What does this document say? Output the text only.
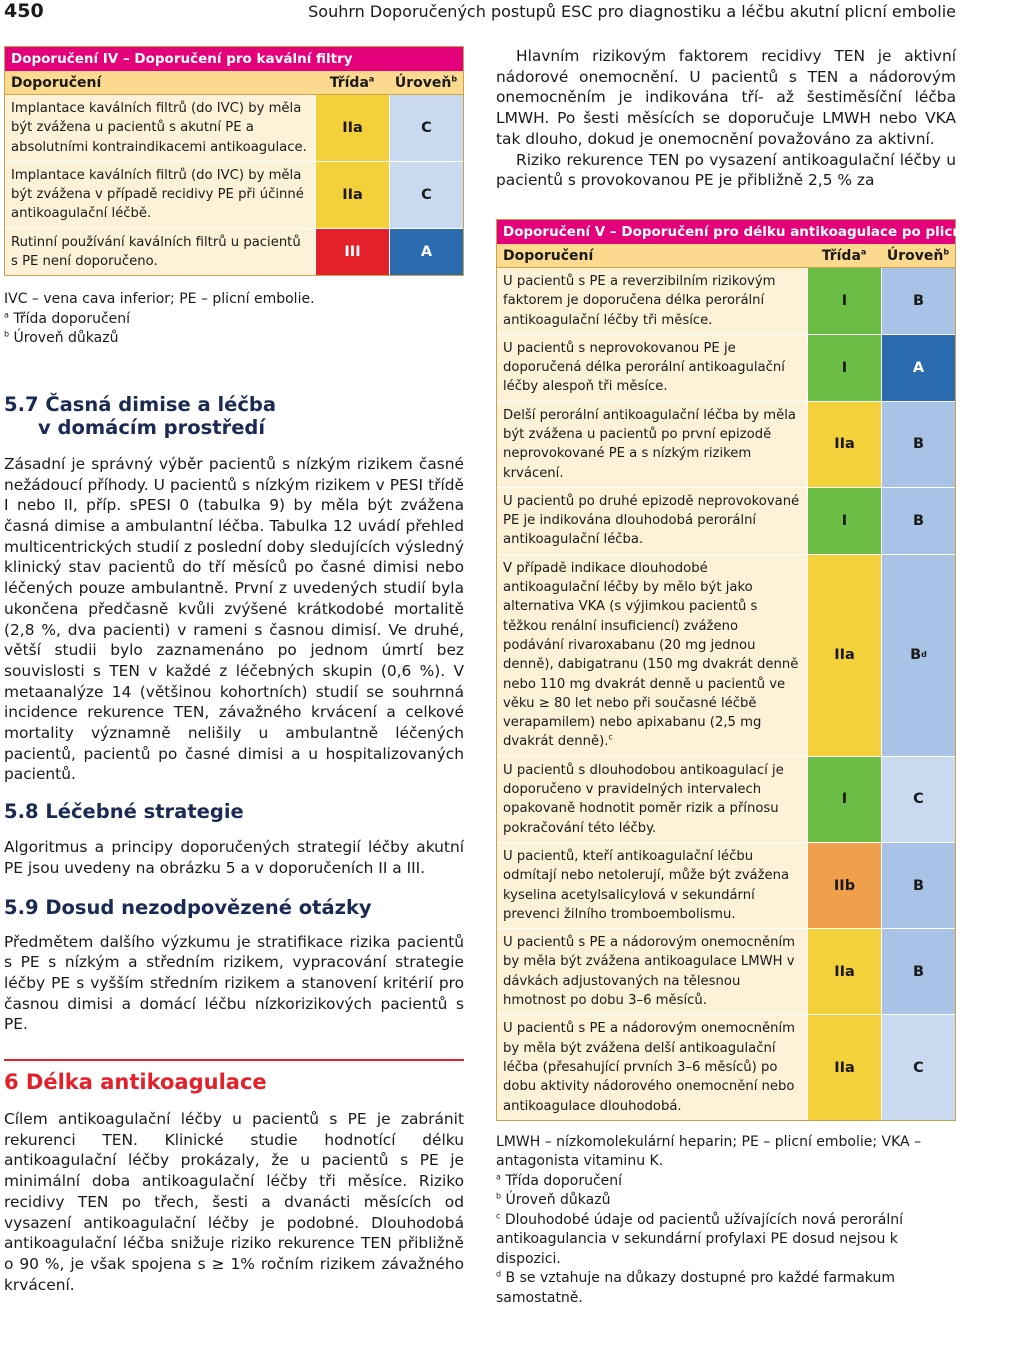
450	Souhrn Doporučených postupů ESC pro diagnostiku a léčbu akutní plicní embolie
Doporučení IV – Doporučení pro kavální filtry
Doporučení	Třída$^a$	Úroveň$^b$
Implantace kaválních filtrů (do IVC) by měla být zvážena u pacientů s akutní PE a absolutními kontraindikacemi antikoagulace.
IIa	C
Implantace kaválních filtrů (do IVC) by měla být zvážena v případě recidivy PE při účinné antikoagulační léčbě.
IIa	C
Rutinní používání kaválních filtrů u pacientů s PE není doporučeno.
III	A
IVC – vena cava inferior; PE – plicní embolie.
$^a$ Třída doporučení
$^b$ Úroveň důkazů
5.7 Časná dimise a léčba
v domácím prostředí

Zásadní je správný výběr pacientů s nízkým rizikem časné nežádoucí příhody. U pacientů s nízkým rizikem v PESI třídě I nebo II, příp. sPESI 0 (tabulka 9) by měla být zvážena časná dimise a ambulantní léčba. Tabulka 12 uvádí přehled multicentrických studií z poslední doby sledujících výsledný klinický stav pacientů do tří měsíců po časné dimisi nebo léčených pouze ambulantně. První z uvedených studií byla ukončena předčasně kvůli zvýšené krátkodobé mortalitě (2,8 %, dva pacienti) v rameni s časnou dimisí. Ve druhé, větší studii bylo zaznamenáno po jednom úmrtí bez souvislosti s TEN v každé z léčebných skupin (0,6 %). V metaanalýze 14 (většinou kohortních) studií se souhrnná incidence rekurence TEN, závažného krvácení a celkové mortality významně nelišily u ambulantně léčených pacientů, pacientů po časné dimisi a u hospitalizovaných pacientů.

5.8 Léčebné strategie

Algoritmus a principy doporučených strategií léčby akutní PE jsou uvedeny na obrázku 5 a v doporučeních II a III.

5.9 Dosud nezodpovězené otázky

Předmětem dalšího výzkumu je stratifikace rizika pacientů s PE s nízkým a středním rizikem, vypracování strategie léčby PE s vyšším středním rizikem a stanovení kritérií pro časnou dimisi a domácí léčbu nízkorizikových pacientů s PE.

6 Délka antikoagulace

Cílem antikoagulační léčby u pacientů s PE je zabránit rekurenci TEN. Klinické studie hodnotící délku antikoagulační léčby prokázaly, že u pacientů s PE je minimální doba antikoagulační léčby tři měsíce. Riziko recidivy TEN po třech, šesti a dvanácti měsících od vysazení antikoagulační léčby je podobné. Dlouhodobá antikoagulační léčba snižuje riziko rekurence TEN přibližně o 90 %, je však spojena s ≥ 1% ročním rizikem závažného krvácení.

Hlavním rizikovým faktorem recidivy TEN je aktivní nádorové onemocnění. U pacientů s TEN a nádorovým onemocněním je indikována tří- až šestiměsíční léčba LMWH. Po šesti měsících se doporučuje LMWH nebo VKA tak dlouho, dokud je onemocnění považováno za aktivní.

Riziko rekurence TEN po vysazení antikoagulační léčby u pacientů s provokovanou PE je přibližně 2,5 % za

Doporučení V – Doporučení pro délku antikoagulace po plicní embolii
Doporučení	Třída$^a$	Úroveň$^b$
U pacientů s PE a reverzibilním rizikovým faktorem je doporučena délka perorální antikoagulační léčby tři měsíce.
I	B
U pacientů s neprovokovanou PE je doporučená délka perorální antikoagulační léčby alespoň tři měsíce.
I	A
Delší perorální antikoagulační léčba by měla být zvážena u pacientů po první epizodě neprovokované PE a s nízkým rizikem krvácení.
IIa	B
U pacientů po druhé epizodě neprovokované PE je indikována dlouhodobá perorální antikoagulační léčba.
I	B
V případě indikace dlouhodobé antikoagulační léčby by mělo být jako alternativa VKA (s výjimkou pacientů s těžkou renální insuficiencí) zváženo podávání rivaroxabanu (20 mg jednou denně), dabigatranu (150 mg dvakrát denně nebo 110 mg dvakrát denně u pacientů ve věku ≥ 80 let nebo při současné léčbě verapamilem) nebo apixabanu (2,5 mg dvakrát denně).$^c$
IIa	B d
U pacientů s dlouhodobou antikoagulací je doporučeno v pravidelných intervalech opakovaně hodnotit poměr rizik a přínosu pokračování této léčby.
I	C
U pacientů, kteří antikoagulační léčbu odmítají nebo netolerují, může být zvážena kyselina acetylsalicylová v sekundární prevenci žilního tromboembolismu.
IIb	B
U pacientů s PE a nádorovým onemocněním by měla být zvážena antikoagulace LMWH v dávkách adjustovaných na tělesnou hmotnost po dobu 3–6 měsíců.
IIa	B
U pacientů s PE a nádorovým onemocněním by měla být zvážena delší antikoagulační léčba (přesahující prvních 3–6 měsíců) po dobu aktivity nádorového onemocnění nebo antikoagulace dlouhodobá.
IIa	C
LMWH – nízkomolekulární heparin; PE – plicní embolie; VKA – antagonista vitaminu K.
$^a$ Třída doporučení
$^b$ Úroveň důkazů
$^c$ Dlouhodobé údaje od pacientů užívajících nová perorální antikoagulancia v sekundární profylaxi PE dosud nejsou k dispozici.
$^d$ B se vztahuje na důkazy dostupné pro každé farmakum samostatně.
